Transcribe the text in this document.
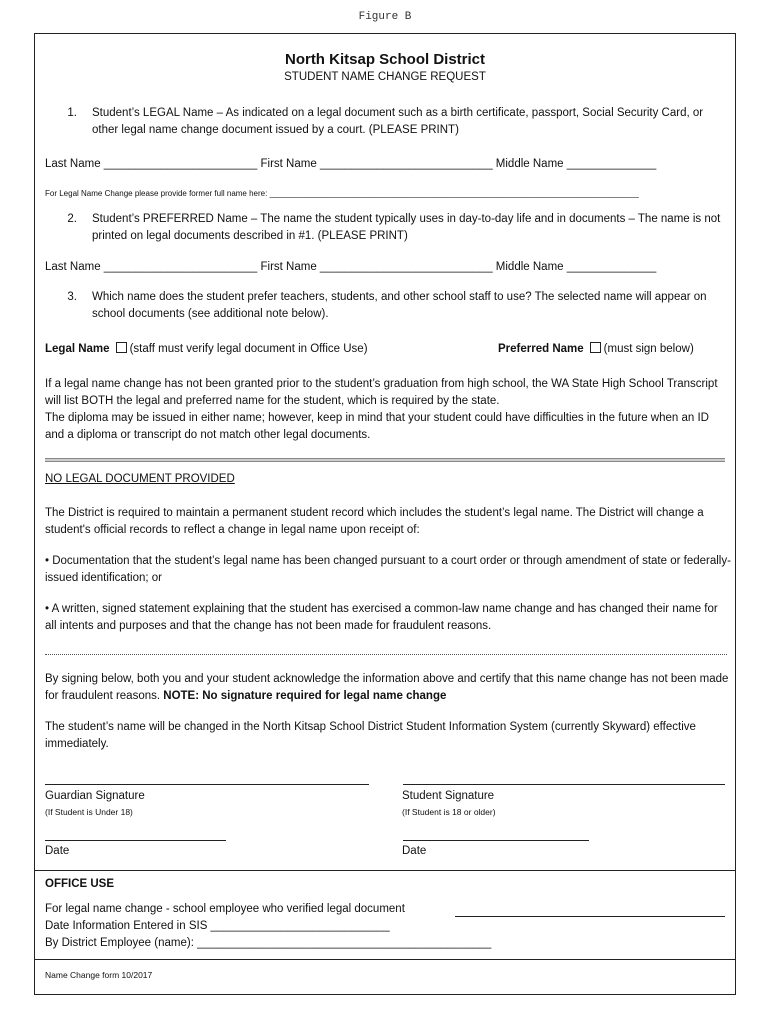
Figure B
North Kitsap School District
STUDENT NAME CHANGE REQUEST
1. Student’s LEGAL Name – As indicated on a legal document such as a birth certificate, passport, Social Security Card, or other legal name change document issued by a court. (PLEASE PRINT)
Last Name ________________________ First Name ___________________________ Middle Name ______________
For Legal Name Change please provide former full name here: ___________________________________________________________________________________
2. Student’s PREFERRED Name – The name the student typically uses in day-to-day life and in documents – The name is not printed on legal documents described in #1. (PLEASE PRINT)
Last Name ________________________ First Name ___________________________ Middle Name ______________
3. Which name does the student prefer teachers, students, and other school staff to use? The selected name will appear on school documents (see additional note below).
Legal Name (staff must verify legal document in Office Use)	Preferred Name (must sign below)
If a legal name change has not been granted prior to the student’s graduation from high school, the WA State High School Transcript will list BOTH the legal and preferred name for the student, which is required by the state.
The diploma may be issued in either name; however, keep in mind that your student could have difficulties in the future when an ID and a diploma or transcript do not match other legal documents.
NO LEGAL DOCUMENT PROVIDED
The District is required to maintain a permanent student record which includes the student’s legal name. The District will change a student's official records to reflect a change in legal name upon receipt of:
• Documentation that the student’s legal name has been changed pursuant to a court order or through amendment of state or federally-issued identification; or
• A written, signed statement explaining that the student has exercised a common-law name change and has changed their name for all intents and purposes and that the change has not been made for fraudulent reasons.
By signing below, both you and your student acknowledge the information above and certify that this name change has not been made for fraudulent reasons. NOTE: No signature required for legal name change
The student’s name will be changed in the North Kitsap School District Student Information System (currently Skyward) effective immediately.
Guardian Signature
(If Student is Under 18)
Student Signature
(If Student is 18 or older)
Date	Date
OFFICE USE
For legal name change - school employee who verified legal document
Date Information Entered in SIS ____________________________
By District Employee (name): ______________________________________________
Name Change form 10/2017
